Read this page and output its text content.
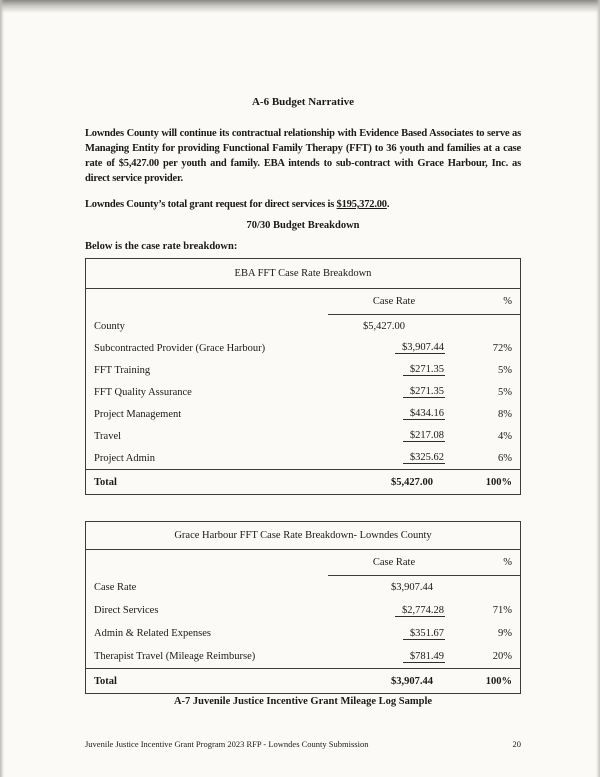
A-6 Budget Narrative

Lowndes County will continue its contractual relationship with Evidence Based Associates to serve as Managing Entity for providing Functional Family Therapy (FFT) to 36 youth and families at a case rate of $5,427.00 per youth and family. EBA intends to sub-contract with Grace Harbour, Inc. as direct service provider.

Lowndes County’s total grant request for direct services is $195,372.00.

70/30 Budget Breakdown

Below is the case rate breakdown:

EBA FFT Case Rate Breakdown
Case Rate	%
County	$5,427.00
Subcontracted Provider (Grace Harbour)	$3,907.44	72%
FFT Training	$271.35	5%
FFT Quality Assurance	$271.35	5%
Project Management	$434.16	8%
Travel	$217.08	4%
Project Admin	$325.62	6%
Total	$5,427.00	100%
Grace Harbour FFT Case Rate Breakdown- Lowndes County
Case Rate	%
Case Rate	$3,907.44
Direct Services	$2,774.28	71%
Admin & Related Expenses	$351.67	9%
Therapist Travel (Mileage Reimburse)	$781.49	20%
Total	$3,907.44	100%

A-7 Juvenile Justice Incentive Grant Mileage Log Sample

Juvenile Justice Incentive Grant Program 2023 RFP - Lowndes County Submission	20
